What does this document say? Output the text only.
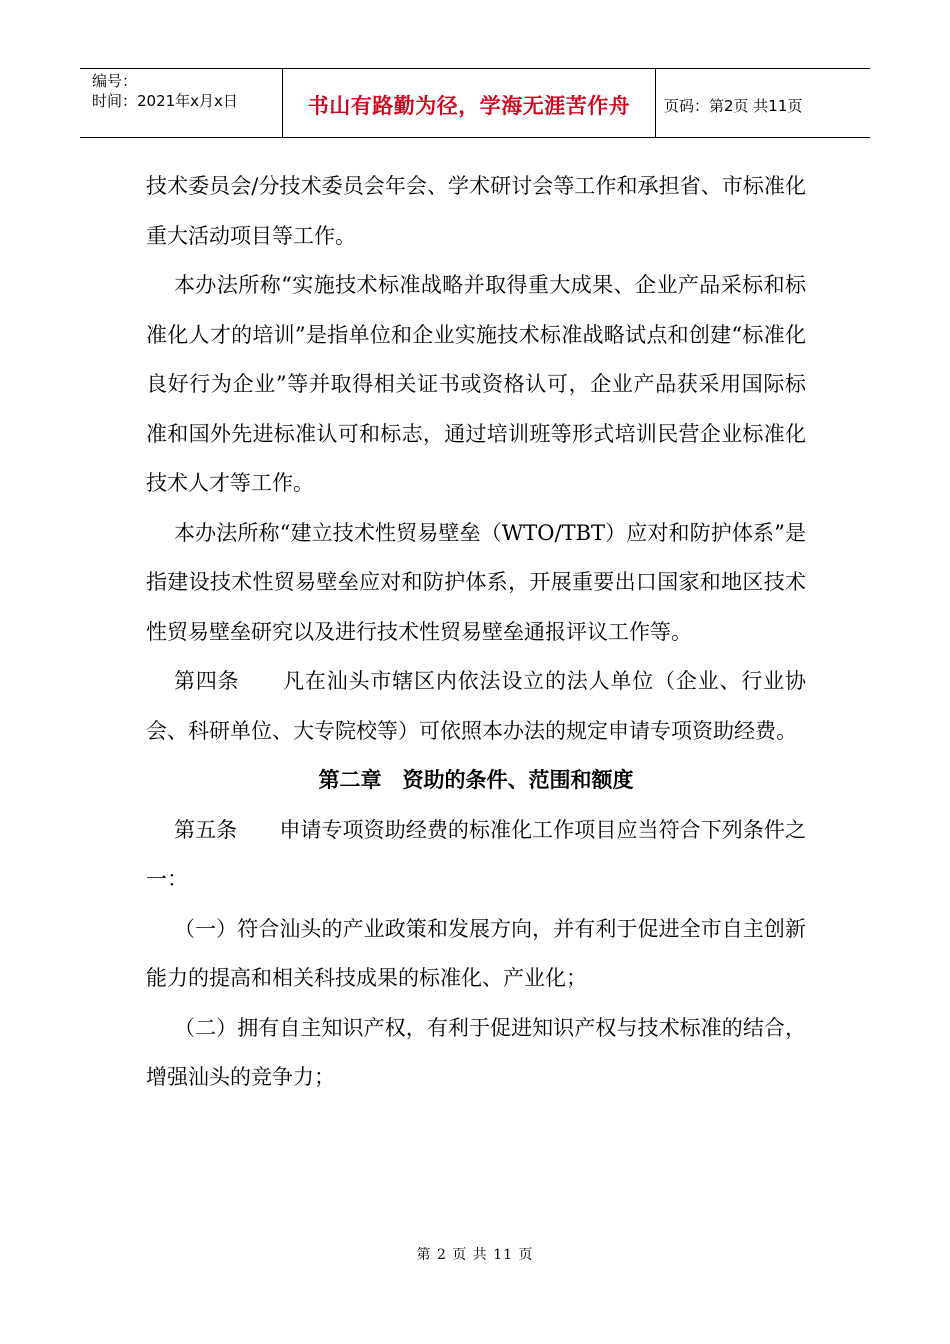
编号：
时间：2021年x月x日	书山有路勤为径，学海无涯苦作舟	页码：第2页 共11页

技术委员会/分技术委员会年会、学术研讨会等工作和承担省、市标准化重大活动项目等工作。

本办法所称“实施技术标准战略并取得重大成果、企业产品采标和标准化人才的培训”是指单位和企业实施技术标准战略试点和创建“标准化良好行为企业”等并取得相关证书或资格认可，企业产品获采用国际标准和国外先进标准认可和标志，通过培训班等形式培训民营企业标准化技术人才等工作。

本办法所称“建立技术性贸易壁垒（WTO/TBT）应对和防护体系”是指建设技术性贸易壁垒应对和防护体系，开展重要出口国家和地区技术性贸易壁垒研究以及进行技术性贸易壁垒通报评议工作等。

第四条　　凡在汕头市辖区内依法设立的法人单位（企业、行业协会、科研单位、大专院校等）可依照本办法的规定申请专项资助经费。

第二章　资助的条件、范围和额度

第五条　　申请专项资助经费的标准化工作项目应当符合下列条件之一：

（一）符合汕头的产业政策和发展方向，并有利于促进全市自主创新能力的提高和相关科技成果的标准化、产业化；

（二）拥有自主知识产权，有利于促进知识产权与技术标准的结合，增强汕头的竞争力；

第 2 页 共 11 页
